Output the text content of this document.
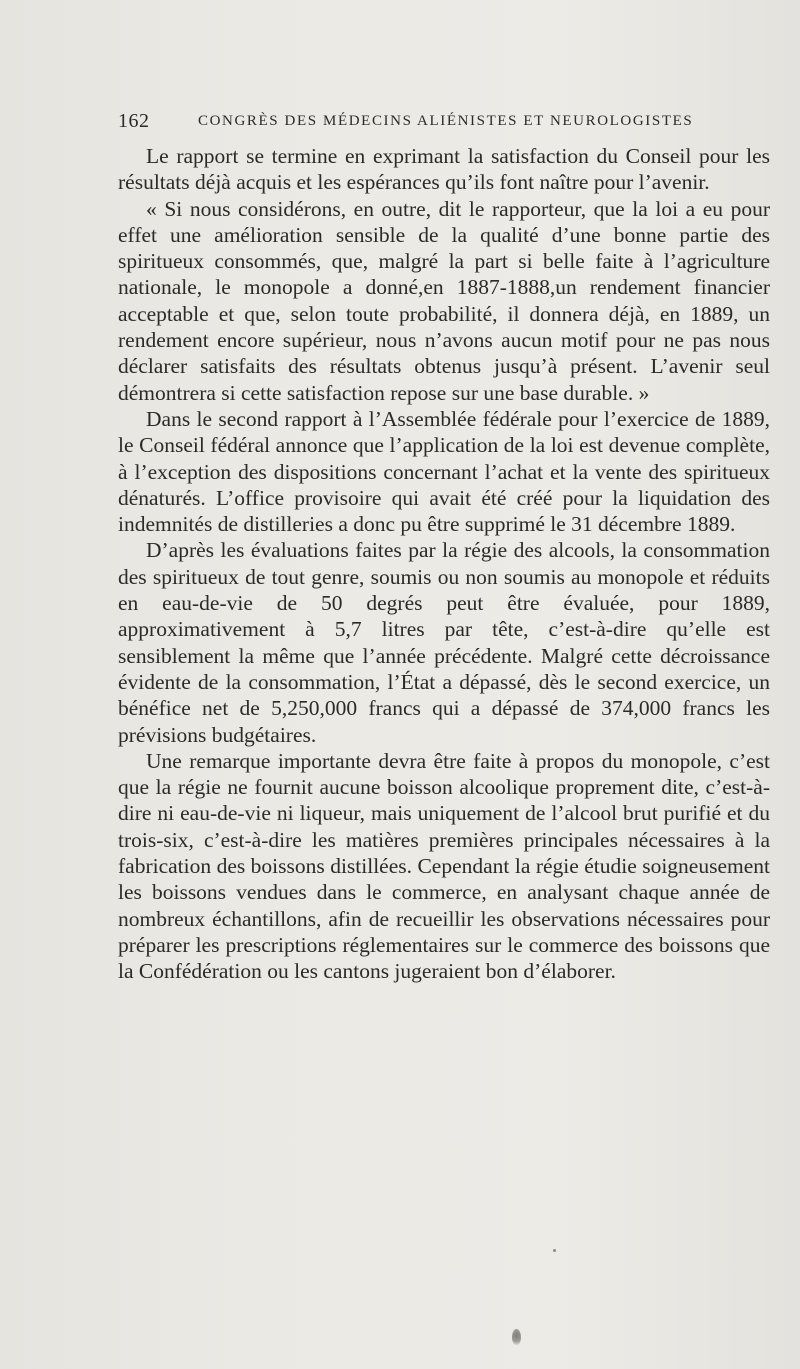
162	CONGRÈS DES MÉDECINS ALIÉNISTES ET NEUROLOGISTES

Le rapport se termine en exprimant la satisfaction du Conseil pour les résultats déjà acquis et les espérances qu’ils font naître pour l’avenir.

« Si nous considérons, en outre, dit le rapporteur, que la loi a eu pour effet une amélioration sensible de la qualité d’une bonne partie des spiritueux consommés, que, malgré la part si belle faite à l’agriculture nationale, le monopole a donné,en 1887-1888,un rendement financier acceptable et que, selon toute probabilité, il donnera déjà, en 1889, un rendement encore supérieur, nous n’avons aucun motif pour ne pas nous déclarer satisfaits des résultats obtenus jusqu’à présent. L’avenir seul démontrera si cette satisfaction repose sur une base durable. »

Dans le second rapport à l’Assemblée fédérale pour l’exercice de 1889, le Conseil fédéral annonce que l’application de la loi est devenue complète, à l’exception des dispositions concernant l’achat et la vente des spiritueux dénaturés. L’office provisoire qui avait été créé pour la liquidation des indemnités de distilleries a donc pu être supprimé le 31 décembre 1889.

D’après les évaluations faites par la régie des alcools, la consommation des spiritueux de tout genre, soumis ou non soumis au monopole et réduits en eau-de-vie de 50 degrés peut être évaluée, pour 1889, approximativement à 5,7 litres par tête, c’est-à-dire qu’elle est sensiblement la même que l’année précédente. Malgré cette décroissance évidente de la consommation, l’État a dépassé, dès le second exercice, un bénéfice net de 5,250,000 francs qui a dépassé de 374,000 francs les prévisions budgétaires.

Une remarque importante devra être faite à propos du monopole, c’est que la régie ne fournit aucune boisson alcoolique proprement dite, c’est-à-dire ni eau-de-vie ni liqueur, mais uniquement de l’alcool brut purifié et du trois-six, c’est-à-dire les matières premières principales nécessaires à la fabrication des boissons distillées. Cependant la régie étudie soigneusement les boissons vendues dans le commerce, en analysant chaque année de nombreux échantillons, afin de recueillir les observations nécessaires pour préparer les prescriptions réglementaires sur le commerce des boissons que la Confédération ou les cantons jugeraient bon d’élaborer.
